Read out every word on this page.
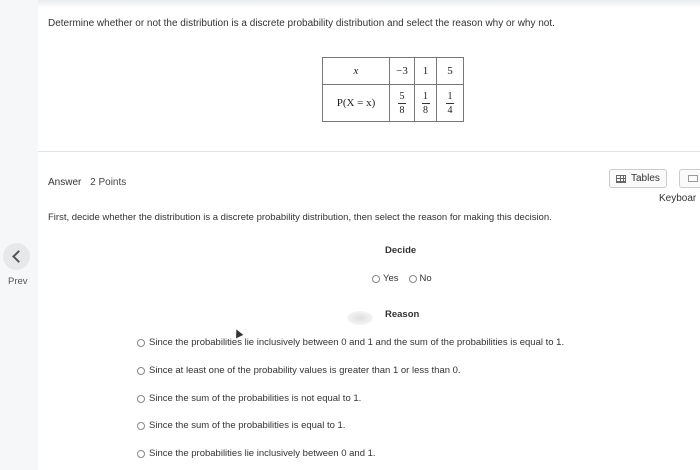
Determine whether or not the distribution is a discrete probability distribution and select the reason why or why not.
x	−3	1	5
P(X = x)	$\frac{5}{8}$	$\frac{1}{8}$	$\frac{1}{4}$
Answer 2 Points	Tables
Keyboar
First, decide whether the distribution is a discrete probability distribution, then select the reason for making this decision.
Prev
Decide
Yes No
Reason
Since the probabilities lie inclusively between 0 and 1 and the sum of the probabilities is equal to 1.
Since at least one of the probability values is greater than 1 or less than 0.
Since the sum of the probabilities is not equal to 1.
Since the sum of the probabilities is equal to 1.
Since the probabilities lie inclusively between 0 and 1.
